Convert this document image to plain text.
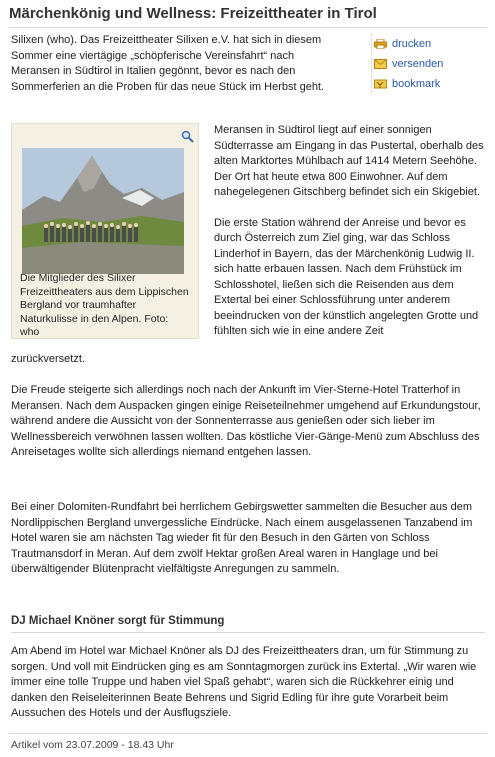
Märchenkönig und Wellness: Freizeittheater in Tirol

Silixen (who). Das Freizeittheater Silixen e.V. hat sich in diesem Sommer eine viertägige „schöpferische Vereinsfahrt“ nach Meransen in Südtirol in Italien gegönnt, bevor es nach den Sommerferien an die Proben für das neue Stück im Herbst geht.

drucken
versenden
bookmark

Die Mitglieder des Silixer Freizeittheaters aus dem Lippischen Bergland vor traumhafter Naturkulisse in den Alpen. Foto: who

Meransen in Südtirol liegt auf einer sonnigen Südterrasse am Eingang in das Pustertal, oberhalb des alten Marktortes Mühlbach auf 1414 Metern Seehöhe. Der Ort hat heute etwa 800 Einwohner. Auf dem nahegelegenen Gitschberg befindet sich ein Skigebiet.

Die erste Station während der Anreise und bevor es durch Österreich zum Ziel ging, war das Schloss Linderhof in Bayern, das der Märchenkönig Ludwig II. sich hatte erbauen lassen. Nach dem Frühstück im Schlosshotel, ließen sich die Reisenden aus dem Extertal bei einer Schlossführung unter anderem beeindrucken von der künstlich angelegten Grotte und fühlten sich wie in eine andere Zeit

zurückversetzt.

Die Freude steigerte sich allerdings noch nach der Ankunft im Vier-Sterne-Hotel Tratterhof in Meransen. Nach dem Auspacken gingen einige Reiseteilnehmer umgehend auf Erkundungstour, während andere die Aussicht von der Sonnenterrasse aus genießen oder sich lieber im Wellnessbereich verwöhnen lassen wollten. Das köstliche Vier-Gänge-Menü zum Abschluss des Anreisetages wollte sich allerdings niemand entgehen lassen.

Bei einer Dolomiten-Rundfahrt bei herrlichem Gebirgswetter sammelten die Besucher aus dem Nordlippischen Bergland unvergessliche Eindrücke. Nach einem ausgelassenen Tanzabend im Hotel waren sie am nächsten Tag wieder fit für den Besuch in den Gärten von Schloss Trautmansdorf in Meran. Auf dem zwölf Hektar großen Areal waren in Hanglage und bei überwältigender Blütenpracht vielfältigste Anregungen zu sammeln.

DJ Michael Knöner sorgt für Stimmung

Am Abend im Hotel war Michael Knöner als DJ des Freizeittheaters dran, um für Stimmung zu sorgen. Und voll mit Eindrücken ging es am Sonntagmorgen zurück ins Extertal. „Wir waren wie immer eine tolle Truppe und haben viel Spaß gehabt“, waren sich die Rückkehrer einig und danken den Reiseleiterinnen Beate Behrens und Sigrid Edling für ihre gute Vorarbeit beim Aussuchen des Hotels und der Ausflugsziele.

Artikel vom 23.07.2009 - 18.43 Uhr
